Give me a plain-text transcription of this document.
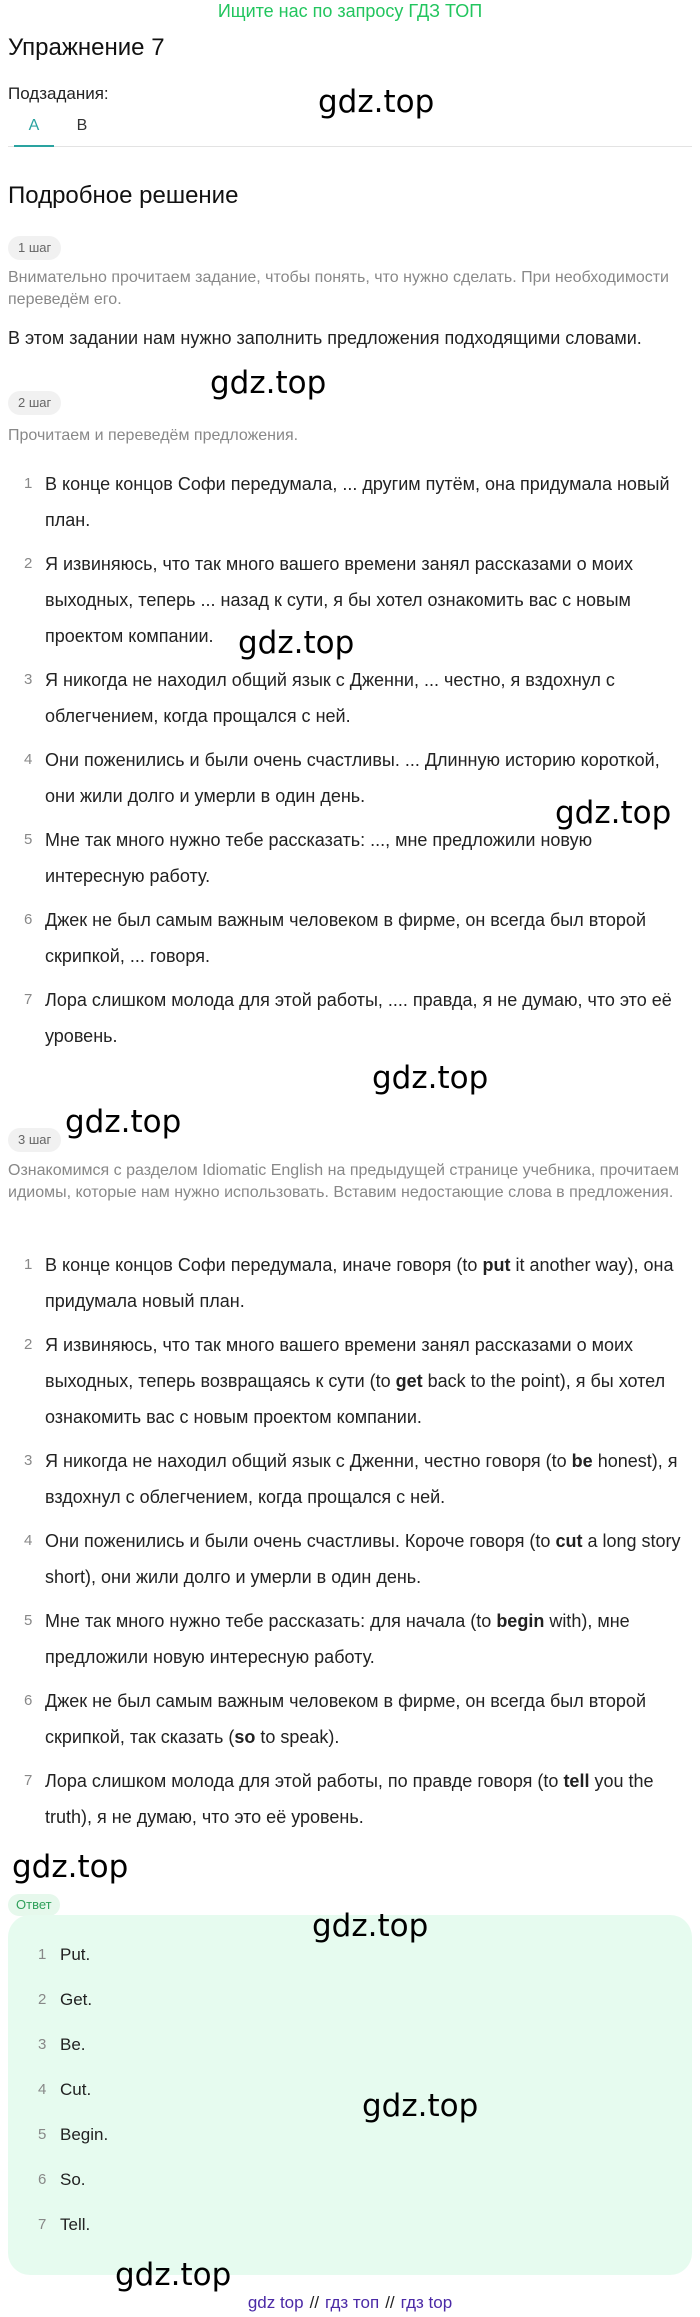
Ищите нас по запросу ГДЗ ТОП
Упражнение 7
Подзадания:
A	B
Подробное решение
1 шаг
Внимательно прочитаем задание, чтобы понять, что нужно сделать. При необходимости переведём его.
В этом задании нам нужно заполнить предложения подходящими словами.
2 шаг
Прочитаем и переведём предложения.
1 В конце концов Софи передумала, ... другим путём, она придумала новый план.
2 Я извиняюсь, что так много вашего времени занял рассказами о моих выходных, теперь ... назад к сути, я бы хотел ознакомить вас с новым проектом компании.
3 Я никогда не находил общий язык с Дженни, ... честно, я вздохнул с облегчением, когда прощался с ней.
4 Они поженились и были очень счастливы. ... Длинную историю короткой, они жили долго и умерли в один день.
5 Мне так много нужно тебе рассказать: ..., мне предложили новую интересную работу.
6 Джек не был самым важным человеком в фирме, он всегда был второй скрипкой, ... говоря.
7 Лора слишком молода для этой работы, .... правда, я не думаю, что это её уровень.
3 шаг
Ознакомимся с разделом Idiomatic English на предыдущей странице учебника, прочитаем идиомы, которые нам нужно использовать. Вставим недостающие слова в предложения.
1 В конце концов Софи передумала, иначе говоря (to put it another way), она придумала новый план.
2 Я извиняюсь, что так много вашего времени занял рассказами о моих выходных, теперь возвращаясь к сути (to get back to the point), я бы хотел ознакомить вас с новым проектом компании.
3 Я никогда не находил общий язык с Дженни, честно говоря (to be honest), я вздохнул с облегчением, когда прощался с ней.
4 Они поженились и были очень счастливы. Короче говоря (to cut a long story short), они жили долго и умерли в один день.
5 Мне так много нужно тебе рассказать: для начала (to begin with), мне предложили новую интересную работу.
6 Джек не был самым важным человеком в фирме, он всегда был второй скрипкой, так сказать (so to speak).
7 Лора слишком молода для этой работы, по правде говоря (to tell you the truth), я не думаю, что это её уровень.
Ответ
1 Put.
2 Get.
3 Be.
4 Cut.
5 Begin.
6 So.
7 Tell.
gdz.top
gdz.top
gdz.top
gdz.top
gdz.top
gdz.top
gdz.top
gdz.top
gdz.top
gdz.top
gdz top // гдз топ // гдз top
